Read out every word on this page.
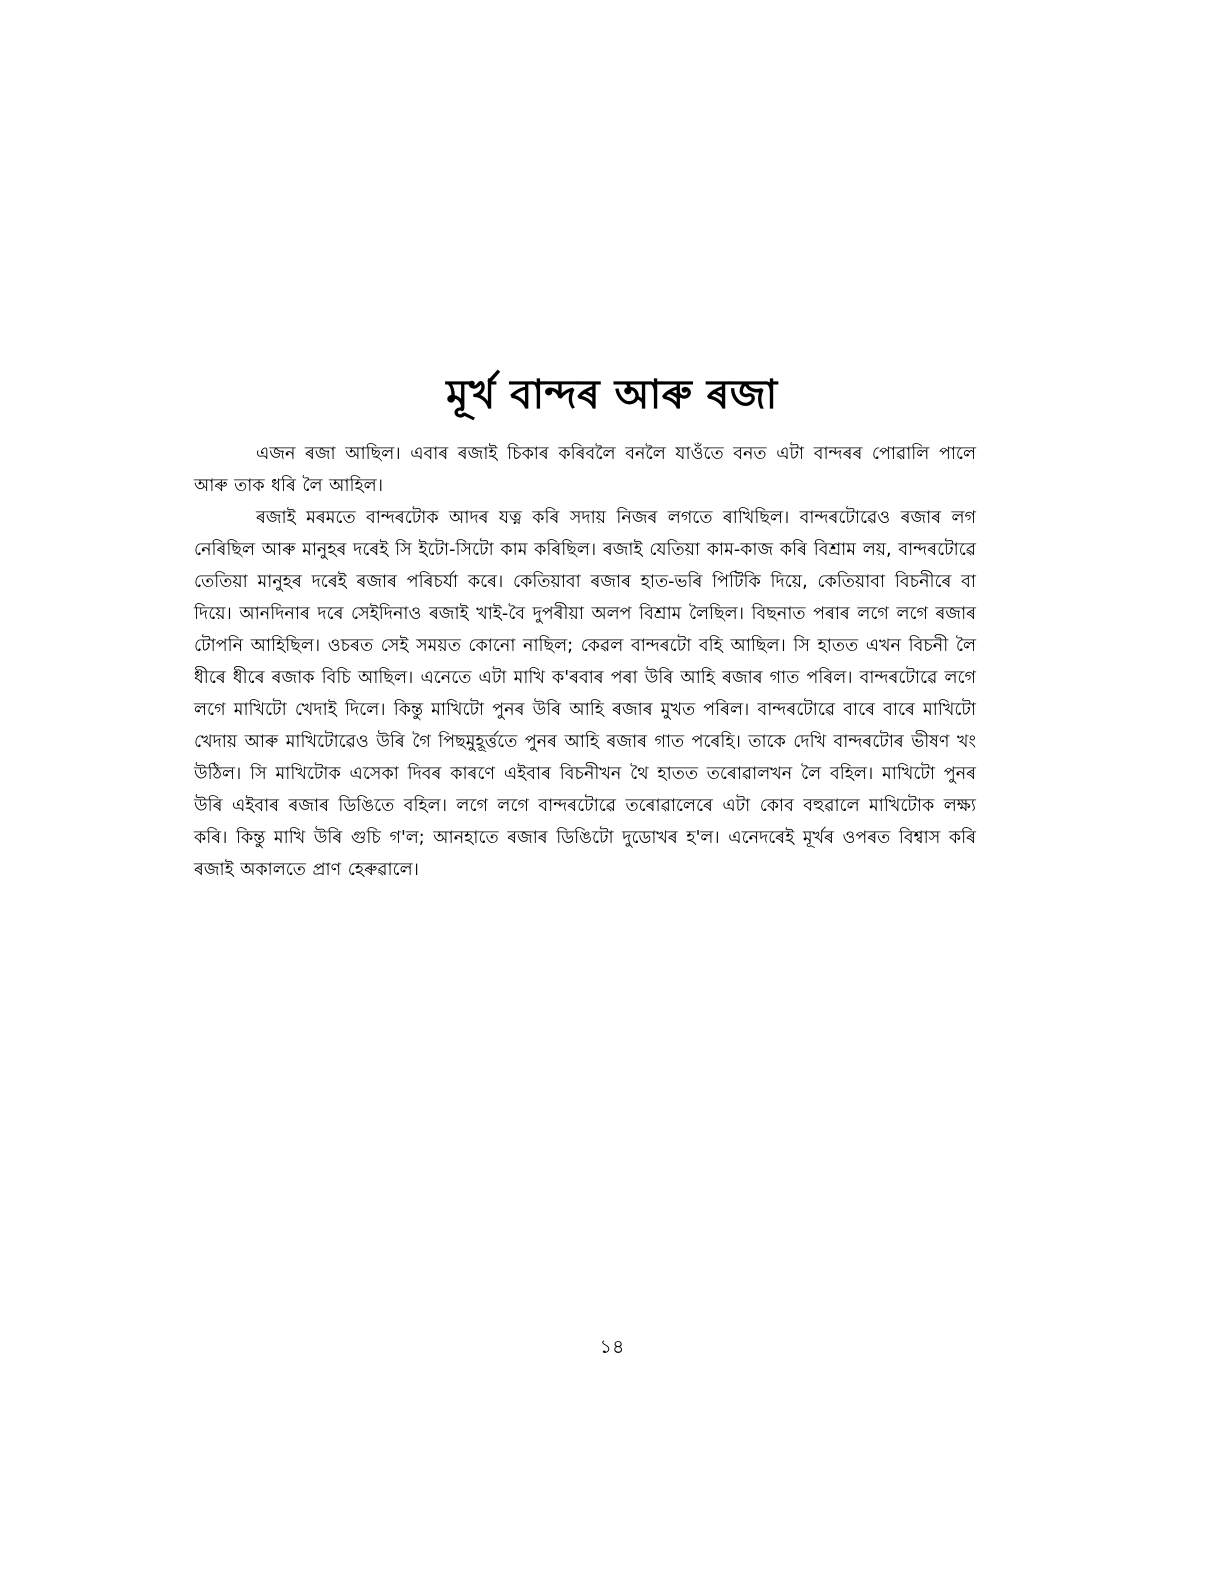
মূৰ্খ বান্দৰ আৰু ৰজা

এজন ৰজা আছিল। এবাৰ ৰজাই চিকাৰ কৰিবলৈ বনলৈ যাওঁতে বনত এটা বান্দৰৰ পোৱালি পালে আৰু তাক ধৰি লৈ আহিল।

ৰজাই মৰমতে বান্দৰটোক আদৰ যত্ন কৰি সদায় নিজৰ লগতে ৰাখিছিল। বান্দৰটোৱেও ৰজাৰ লগ নেৰিছিল আৰু মানুহৰ দৰেই সি ইটো-সিটো কাম কৰিছিল। ৰজাই যেতিয়া কাম-কাজ কৰি বিশ্ৰাম লয়, বান্দৰটোৱে তেতিয়া মানুহৰ দৰেই ৰজাৰ পৰিচৰ্যা কৰে। কেতিয়াবা ৰজাৰ হাত-ভৰি পিটিকি দিয়ে, কেতিয়াবা বিচনীৰে বা দিয়ে। আনদিনাৰ দৰে সেইদিনাও ৰজাই খাই-বৈ দুপৰীয়া অলপ বিশ্ৰাম লৈছিল। বিছনাত পৰাৰ লগে লগে ৰজাৰ টোপনি আহিছিল। ওচৰত সেই সময়ত কোনো নাছিল; কেৱল বান্দৰটো বহি আছিল। সি হাতত এখন বিচনী লৈ ধীৰে ধীৰে ৰজাক বিচি আছিল। এনেতে এটা মাখি ক'ৰবাৰ পৰা উৰি আহি ৰজাৰ গাত পৰিল। বান্দৰটোৱে লগে লগে মাখিটো খেদাই দিলে। কিন্তু মাখিটো পুনৰ উৰি আহি ৰজাৰ মুখত পৰিল। বান্দৰটোৱে বাৰে বাৰে মাখিটো খেদায় আৰু মাখিটোৱেও উৰি গৈ পিছমুহূৰ্ত্ততে পুনৰ আহি ৰজাৰ গাত পৰেহি। তাকে দেখি বান্দৰটোৰ ভীষণ খং উঠিল। সি মাখিটোক এসেকা দিবৰ কাৰণে এইবাৰ বিচনীখন থৈ হাতত তৰোৱালখন লৈ বহিল। মাখিটো পুনৰ উৰি এইবাৰ ৰজাৰ ডিঙিতে বহিল। লগে লগে বান্দৰটোৱে তৰোৱালেৰে এটা কোব বহুৱালে মাখিটোক লক্ষ্য কৰি। কিন্তু মাখি উৰি গুচি গ'ল; আনহাতে ৰজাৰ ডিঙিটো দুডোখৰ হ'ল। এনেদৰেই মূৰ্খৰ ওপৰত বিশ্বাস কৰি ৰজাই অকালতে প্ৰাণ হেৰুৱালে।

১৪
